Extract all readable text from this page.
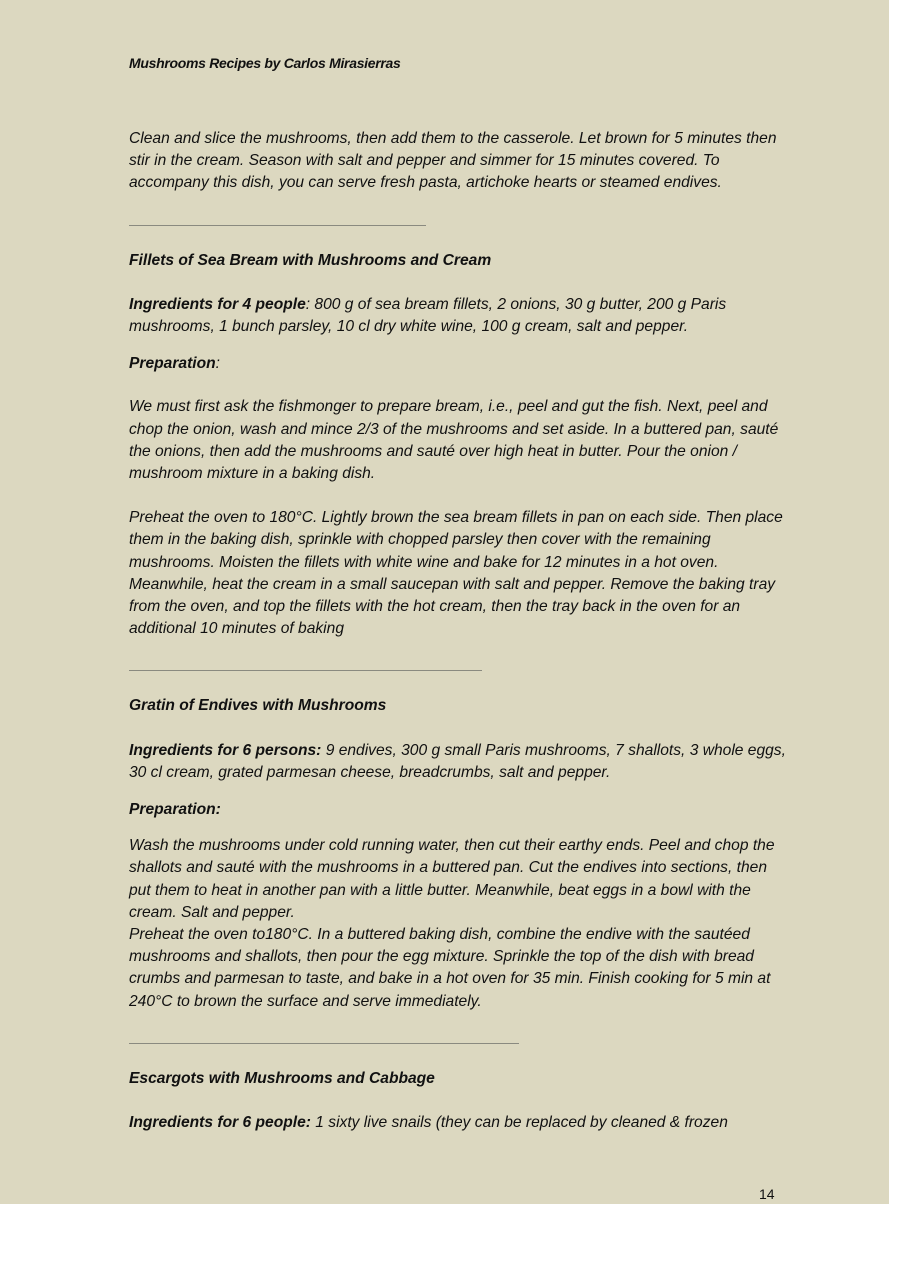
Mushrooms Recipes by Carlos Mirasierras

Clean and slice the mushrooms, then add them to the casserole. Let brown for 5 minutes then stir in the cream. Season with salt and pepper and simmer for 15 minutes covered. To accompany this dish, you can serve fresh pasta, artichoke hearts or steamed endives.

Fillets of Sea Bream with Mushrooms and Cream

Ingredients for 4 people: 800 g of sea bream fillets, 2 onions, 30 g butter, 200 g Paris mushrooms, 1 bunch parsley, 10 cl dry white wine, 100 g cream, salt and pepper.

Preparation:

We must first ask the fishmonger to prepare bream, i.e., peel and gut the fish. Next, peel and chop the onion, wash and mince 2/3 of the mushrooms and set aside. In a buttered pan, sauté the onions, then add the mushrooms and sauté over high heat in butter. Pour the onion / mushroom mixture in a baking dish.

Preheat the oven to 180°C. Lightly brown the sea bream fillets in pan on each side. Then place them in the baking dish, sprinkle with chopped parsley then cover with the remaining mushrooms. Moisten the fillets with white wine and bake for 12 minutes in a hot oven.

Meanwhile, heat the cream in a small saucepan with salt and pepper. Remove the baking tray from the oven, and top the fillets with the hot cream, then the tray back in the oven for an additional 10 minutes of baking

Gratin of Endives with Mushrooms

Ingredients for 6 persons: 9 endives, 300 g small Paris mushrooms, 7 shallots, 3 whole eggs, 30 cl cream, grated parmesan cheese, breadcrumbs, salt and pepper.

Preparation:

Wash the mushrooms under cold running water, then cut their earthy ends. Peel and chop the shallots and sauté with the mushrooms in a buttered pan. Cut the endives into sections, then put them to heat in another pan with a little butter. Meanwhile, beat eggs in a bowl with the cream. Salt and pepper.

Preheat the oven to180°C. In a buttered baking dish, combine the endive with the sautéed mushrooms and shallots, then pour the egg mixture. Sprinkle the top of the dish with bread crumbs and parmesan to taste, and bake in a hot oven for 35 min. Finish cooking for 5 min at 240°C to brown the surface and serve immediately.

Escargots with Mushrooms and Cabbage

Ingredients for 6 people: 1 sixty live snails (they can be replaced by cleaned & frozen

14
